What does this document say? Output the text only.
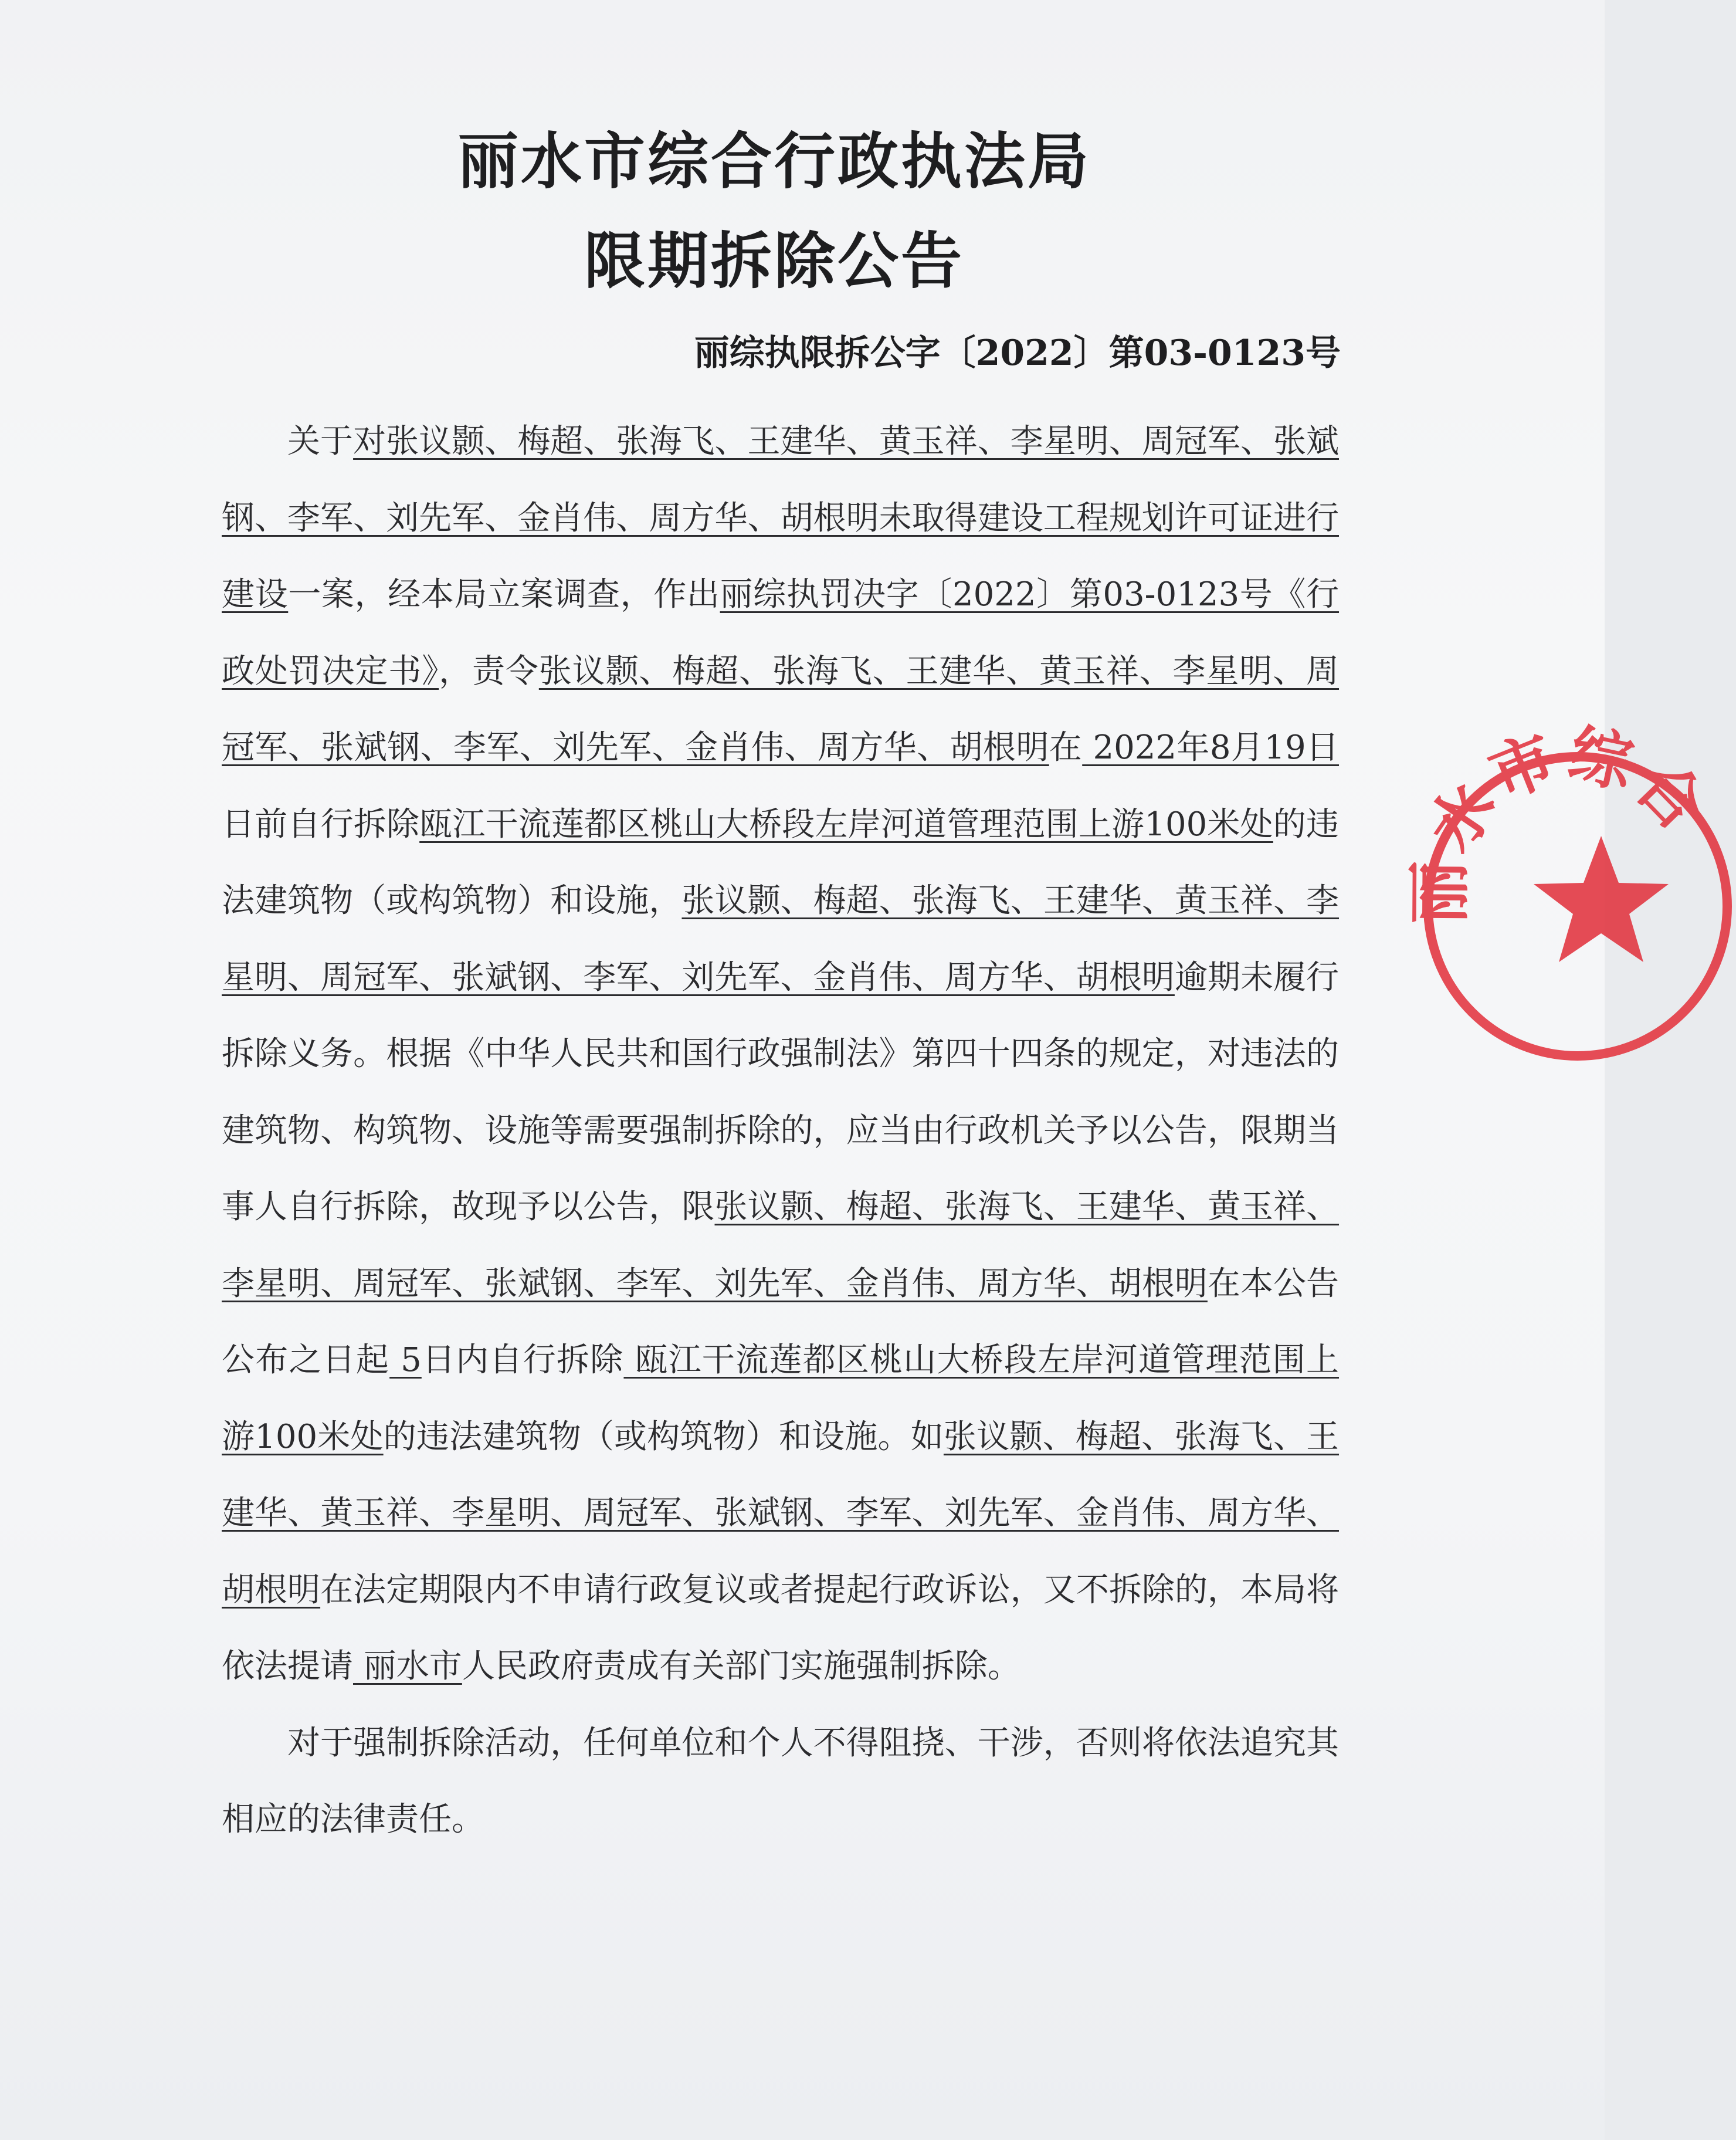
丽水市综合行政执法局
限期拆除公告
丽综执限拆公字〔2022〕第03-0123号

关于对张议颢、梅超、张海飞、王建华、黄玉祥、李星明、周冠军、张斌钢、李军、刘先军、金肖伟、周方华、胡根明未取得建设工程规划许可证进行建设一案，经本局立案调查，作出丽综执罚决字〔2022〕第03-0123号《行政处罚决定书》，责令张议颢、梅超、张海飞、王建华、黄玉祥、李星明、周冠军、张斌钢、李军、刘先军、金肖伟、周方华、胡根明在 2022年8月19日日前自行拆除瓯江干流莲都区桃山大桥段左岸河道管理范围上游100米处的违法建筑物（或构筑物）和设施，张议颢、梅超、张海飞、王建华、黄玉祥、李星明、周冠军、张斌钢、李军、刘先军、金肖伟、周方华、胡根明逾期未履行拆除义务。根据《中华人民共和国行政强制法》第四十四条的规定，对违法的建筑物、构筑物、设施等需要强制拆除的，应当由行政机关予以公告，限期当事人自行拆除，故现予以公告，限张议颢、梅超、张海飞、王建华、黄玉祥、李星明、周冠军、张斌钢、李军、刘先军、金肖伟、周方华、胡根明在本公告公布之日起 5日内自行拆除 瓯江干流莲都区桃山大桥段左岸河道管理范围上游100米处的违法建筑物（或构筑物）和设施。如张议颢、梅超、张海飞、王建华、黄玉祥、李星明、周冠军、张斌钢、李军、刘先军、金肖伟、周方华、胡根明在法定期限内不申请行政复议或者提起行政诉讼，又不拆除的，本局将依法提请 丽水市人民政府责成有关部门实施强制拆除。

对于强制拆除活动，任何单位和个人不得阻挠、干涉，否则将依法追究其相应的法律责任。

丽水市综合
